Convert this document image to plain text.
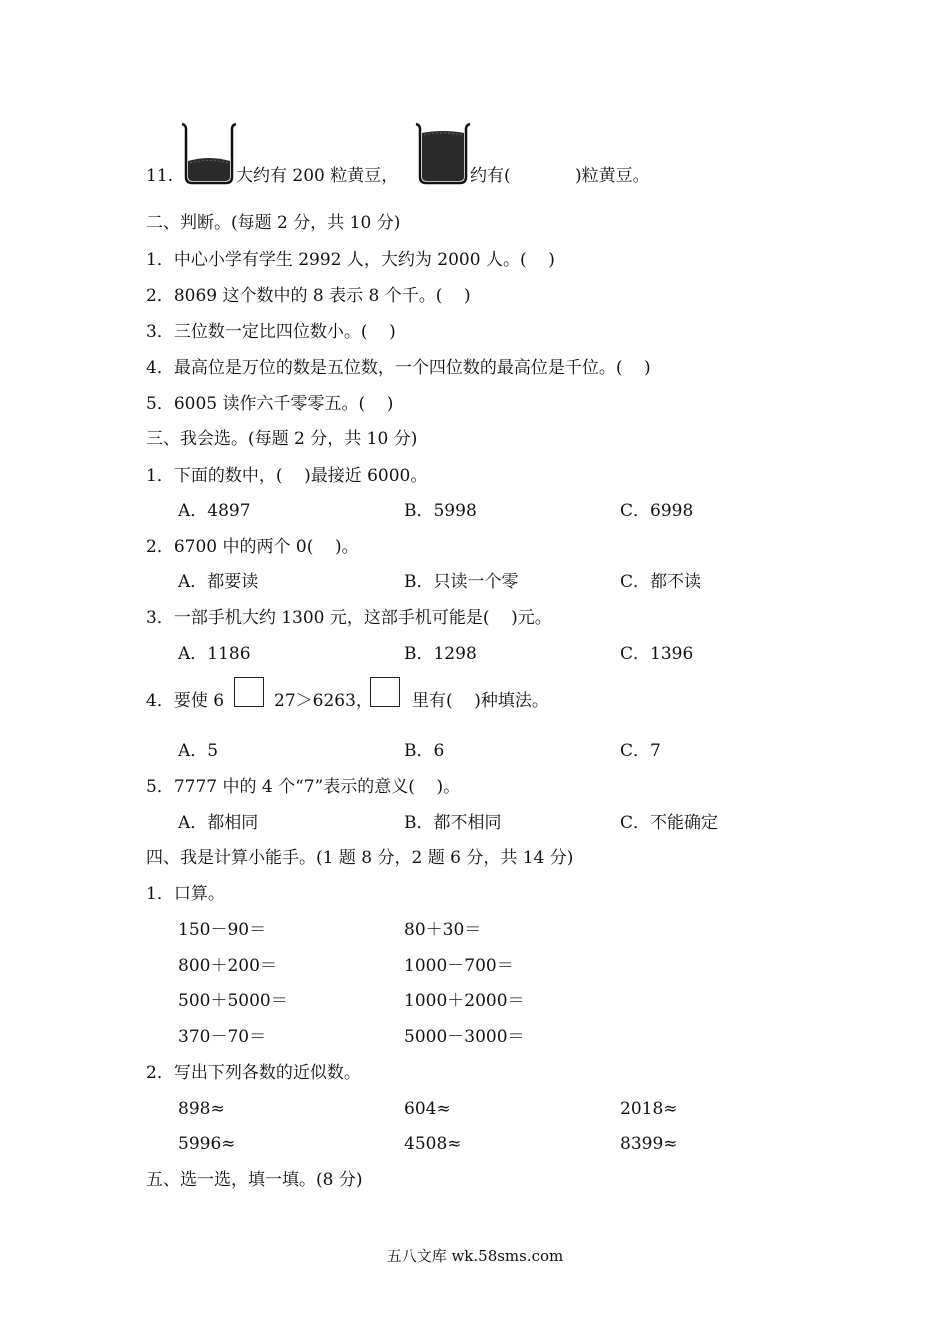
11.	大约有 200 粒黄豆，	约有(	)粒黄豆。
二、判断。(每题 2 分，共 10 分)
1．中心小学有学生 2992 人，大约为 2000 人。(    )
2．8069 这个数中的 8 表示 8 个千。(    )
3．三位数一定比四位数小。(    )
4．最高位是万位的数是五位数，一个四位数的最高位是千位。(    )
5．6005 读作六千零零五。(    )
三、我会选。(每题 2 分，共 10 分)
1．下面的数中，(    )最接近 6000。
A．4897	B．5998	C．6998
2．6700 中的两个 0(    )。
A．都要读	B．只读一个零	C．都不读
3．一部手机大约 1300 元，这部手机可能是(    )元。
A．1186	B．1298	C．1396
4．要使 6	27＞6263， 里有(    )种填法。
A．5	B．6	C．7
5．7777 中的 4 个“7”表示的意义(    )。
A．都相同	B．都不相同	C．不能确定
四、我是计算小能手。(1 题 8 分，2 题 6 分，共 14 分)
1．口算。
150－90＝	80＋30＝
800＋200＝	1000－700＝
500＋5000＝	1000＋2000＝
370－70＝	5000－3000＝
2．写出下列各数的近似数。
898≈	604≈	2018≈
5996≈	4508≈	8399≈
五、选一选，填一填。(8 分)
五八文库 wk.58sms.com
